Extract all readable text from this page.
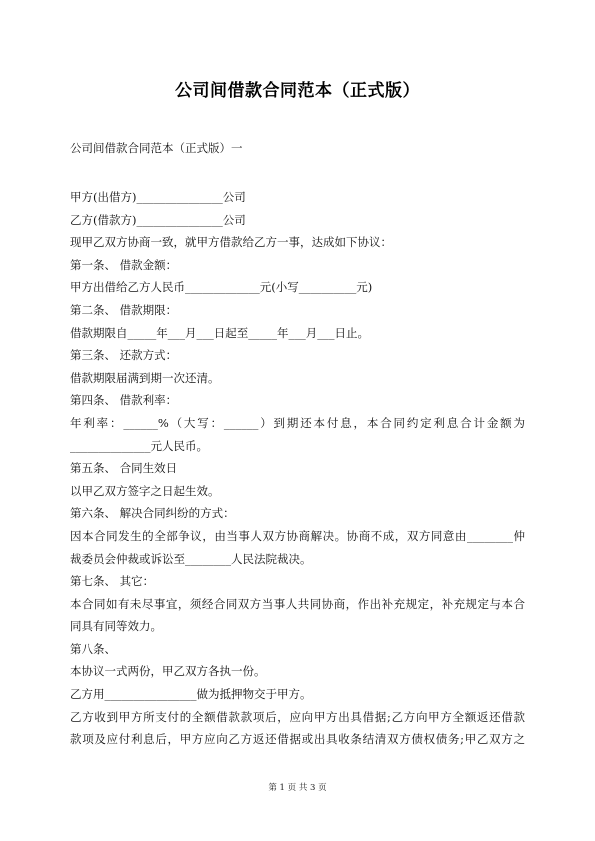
公司间借款合同范本（正式版）
公司间借款合同范本（正式版）一
甲方(出借方)_______________公司
乙方(借款方)_______________公司
现甲乙双方协商一致，就甲方借款给乙方一事，达成如下协议：
第一条、 借款金额：
甲方出借给乙方人民币_____________元(小写__________元)
第二条、 借款期限：
借款期限自_____年___月___日起至_____年___月___日止。
第三条、 还款方式：
借款期限届满到期一次还清。
第四条、 借款利率：
年利率：______%（大写：______）到期还本付息，本合同约定利息合计金额为
______________元人民币。
第五条、 合同生效日
以甲乙双方签字之日起生效。
第六条、 解决合同纠纷的方式：
因本合同发生的全部争议，由当事人双方协商解决。协商不成，双方同意由________仲
裁委员会仲裁或诉讼至________人民法院裁决。
第七条、 其它：
本合同如有未尽事宜，须经合同双方当事人共同协商，作出补充规定，补充规定与本合
同具有同等效力。
第八条、
本协议一式两份，甲乙双方各执一份。
乙方用________________做为抵押物交于甲方。
乙方收到甲方所支付的全额借款款项后，应向甲方出具借据;乙方向甲方全额返还借款
款项及应付利息后，甲方应向乙方返还借据或出具收条结清双方债权债务;甲乙双方之
第 1 页 共 3 页
